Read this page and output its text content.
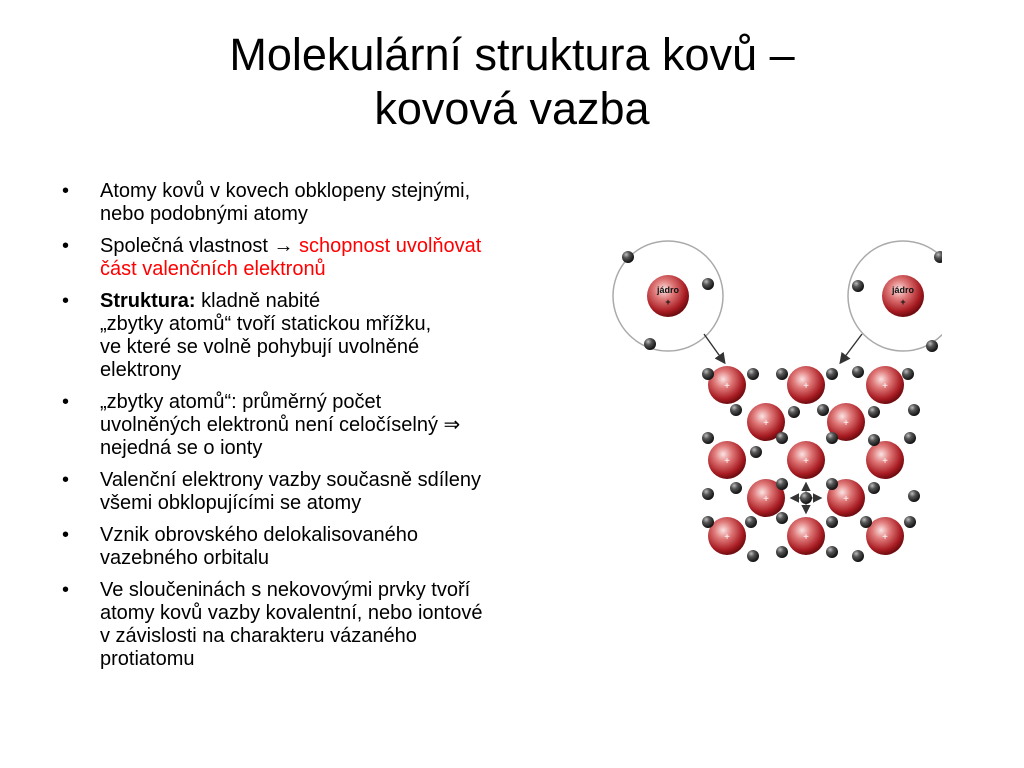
Molekulární struktura kovů –
kovová vazba
• Atomy kovů v kovech obklopeny stejnými,
nebo podobnými atomy
• Společná vlastnost → schopnost uvolňovat
část valenčních elektronů
• Struktura: kladně nabité
„zbytky atomů“ tvoří statickou mřížku,
ve které se volně pohybují uvolněné
elektrony
• „zbytky atomů“: průměrný počet
uvolněných elektronů není celočíselný ⇒
nejedná se o ionty
• Valenční elektrony vazby současně sdíleny
všemi obklopujícími se atomy
• Vznik obrovského delokalisovaného
vazebného orbitalu
• Ve sloučeninách s nekovovými prvky tvoří
atomy kovů vazby kovalentní, nebo iontové
v závislosti na charakteru vázaného
protiatomu
jádro
+
jádro
+
+	+	+
+	+
+	+	+
+	+
+	+	+
